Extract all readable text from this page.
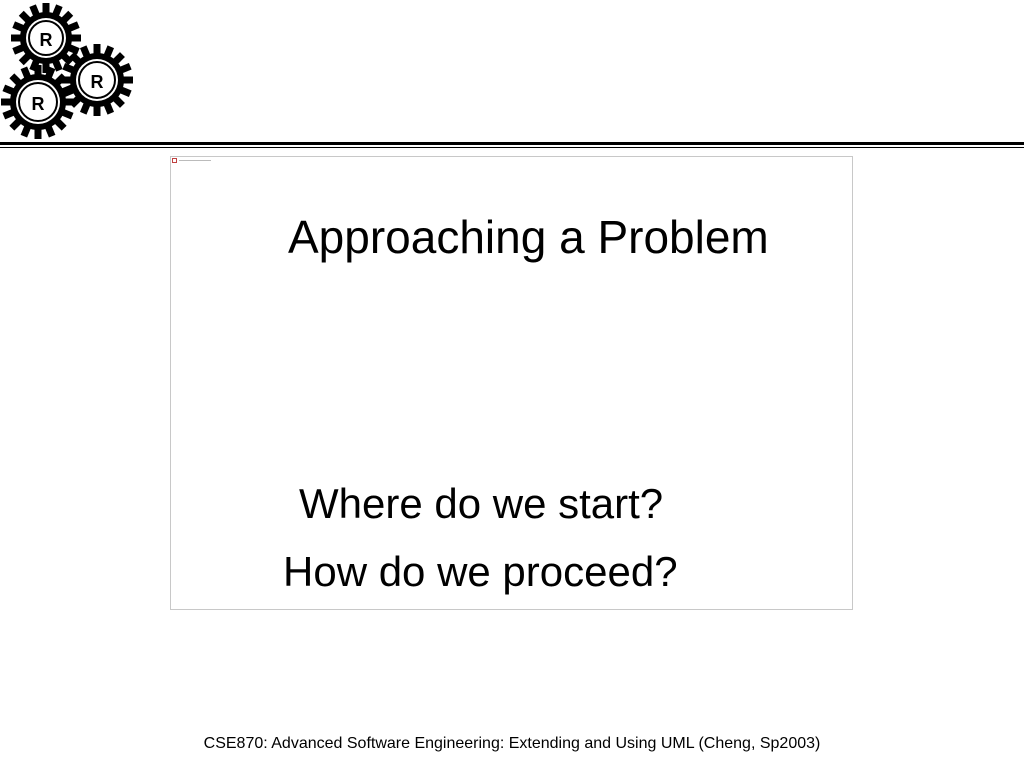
R
R
R
Approaching a Problem
Where do we start?
How do we proceed?
CSE870: Advanced Software Engineering: Extending and Using UML (Cheng, Sp2003)
